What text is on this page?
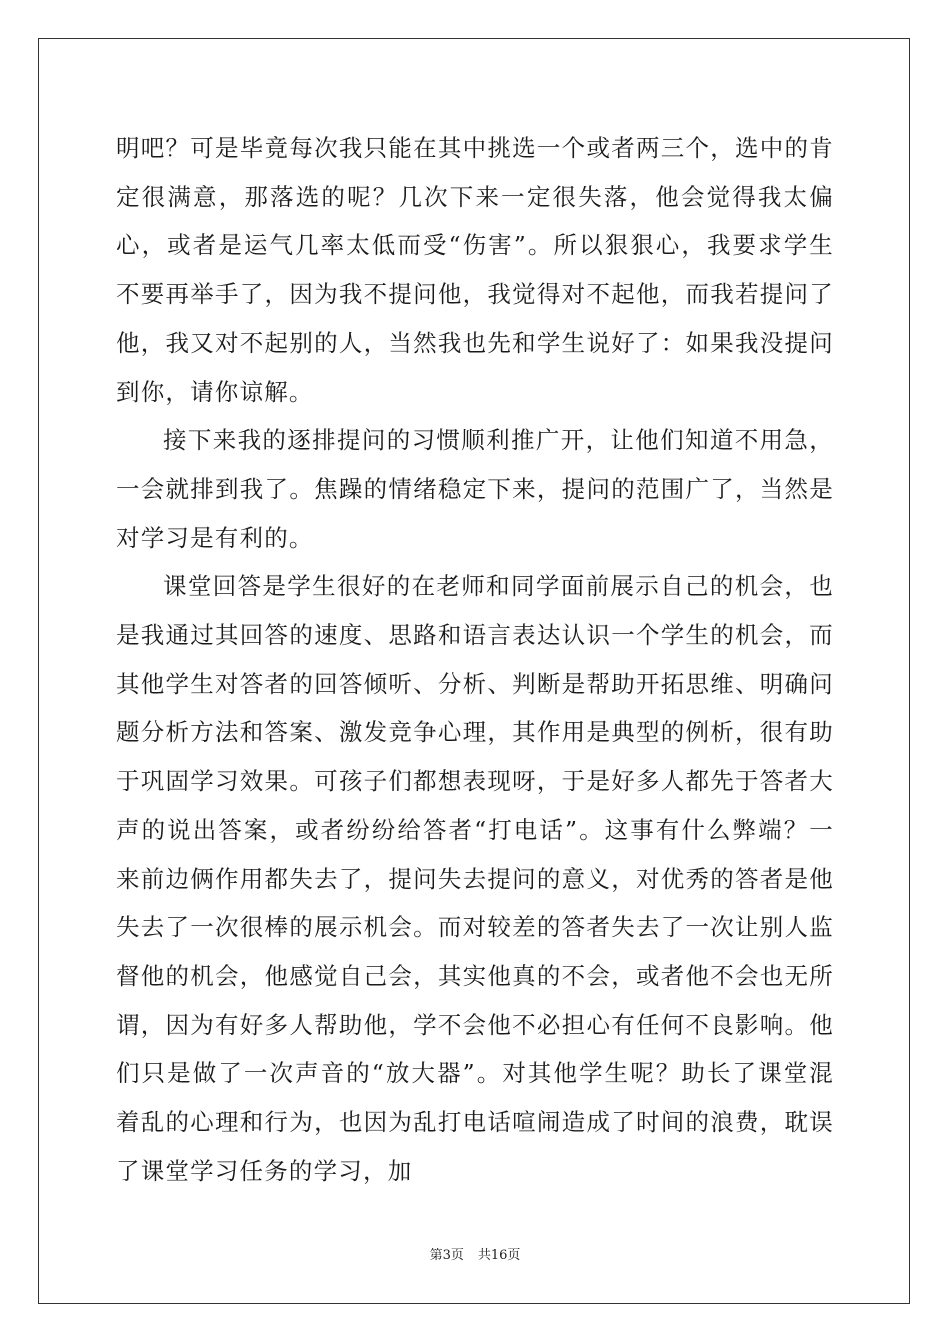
明吧？可是毕竟每次我只能在其中挑选一个或者两三个，选中的肯定很满意，那落选的呢？几次下来一定很失落，他会觉得我太偏心，或者是运气几率太低而受“伤害”。所以狠狠心，我要求学生不要再举手了，因为我不提问他，我觉得对不起他，而我若提问了他，我又对不起别的人，当然我也先和学生说好了：如果我没提问到你，请你谅解。

接下来我的逐排提问的习惯顺利推广开，让他们知道不用急，一会就排到我了。焦躁的情绪稳定下来，提问的范围广了，当然是对学习是有利的。

课堂回答是学生很好的在老师和同学面前展示自己的机会，也是我通过其回答的速度、思路和语言表达认识一个学生的机会，而其他学生对答者的回答倾听、分析、判断是帮助开拓思维、明确问题分析方法和答案、激发竞争心理，其作用是典型的例析，很有助于巩固学习效果。可孩子们都想表现呀，于是好多人都先于答者大声的说出答案，或者纷纷给答者“打电话”。这事有什么弊端？一来前边俩作用都失去了，提问失去提问的意义，对优秀的答者是他失去了一次很棒的展示机会。而对较差的答者失去了一次让别人监督他的机会，他感觉自己会，其实他真的不会，或者他不会也无所谓，因为有好多人帮助他，学不会他不必担心有任何不良影响。他们只是做了一次声音的“放大器”。对其他学生呢？助长了课堂混着乱的心理和行为，也因为乱打电话喧闹造成了时间的浪费，耽误了课堂学习任务的学习，加

第3页 共16页
